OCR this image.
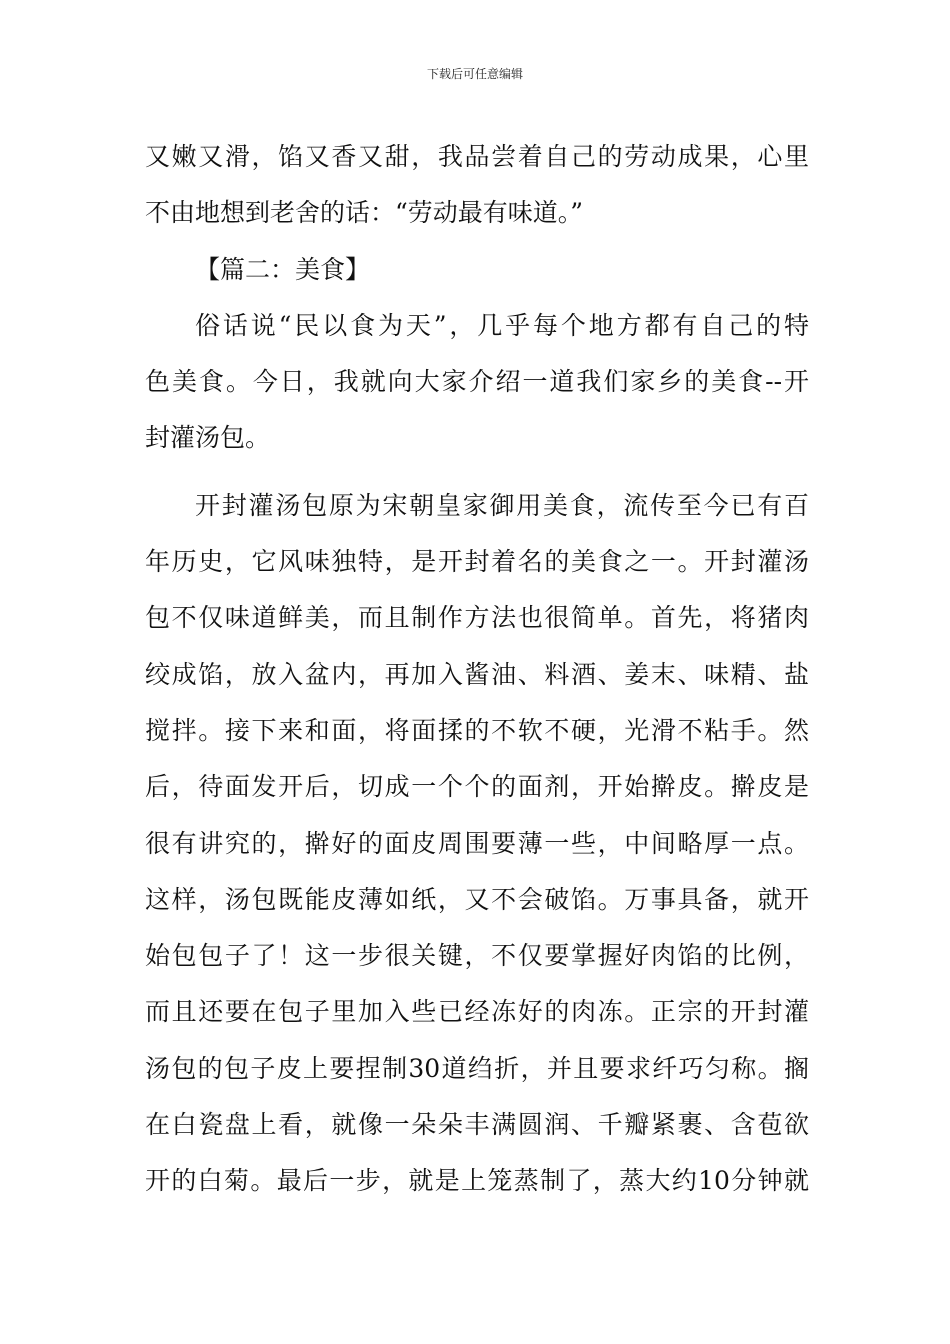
下载后可任意编辑
又嫩又滑，馅又香又甜，我品尝着自己的劳动成果，心里
不由地想到老舍的话：“劳动最有味道。”
【篇二：美食】
俗话说“民以食为天”，几乎每个地方都有自己的特
色美食。今日，我就向大家介绍一道我们家乡的美食--开
封灌汤包。
开封灌汤包原为宋朝皇家御用美食，流传至今已有百
年历史，它风味独特，是开封着名的美食之一。开封灌汤
包不仅味道鲜美，而且制作方法也很简单。首先，将猪肉
绞成馅，放入盆内，再加入酱油、料酒、姜末、味精、盐
搅拌。接下来和面，将面揉的不软不硬，光滑不粘手。然
后，待面发开后，切成一个个的面剂，开始擀皮。擀皮是
很有讲究的，擀好的面皮周围要薄一些，中间略厚一点。
这样，汤包既能皮薄如纸，又不会破馅。万事具备，就开
始包包子了！这一步很关键，不仅要掌握好肉馅的比例，
而且还要在包子里加入些已经冻好的肉冻。正宗的开封灌
汤包的包子皮上要捏制30道绉折，并且要求纤巧匀称。搁
在白瓷盘上看，就像一朵朵丰满圆润、千瓣紧裹、含苞欲
开的白菊。最后一步，就是上笼蒸制了，蒸大约10分钟就
